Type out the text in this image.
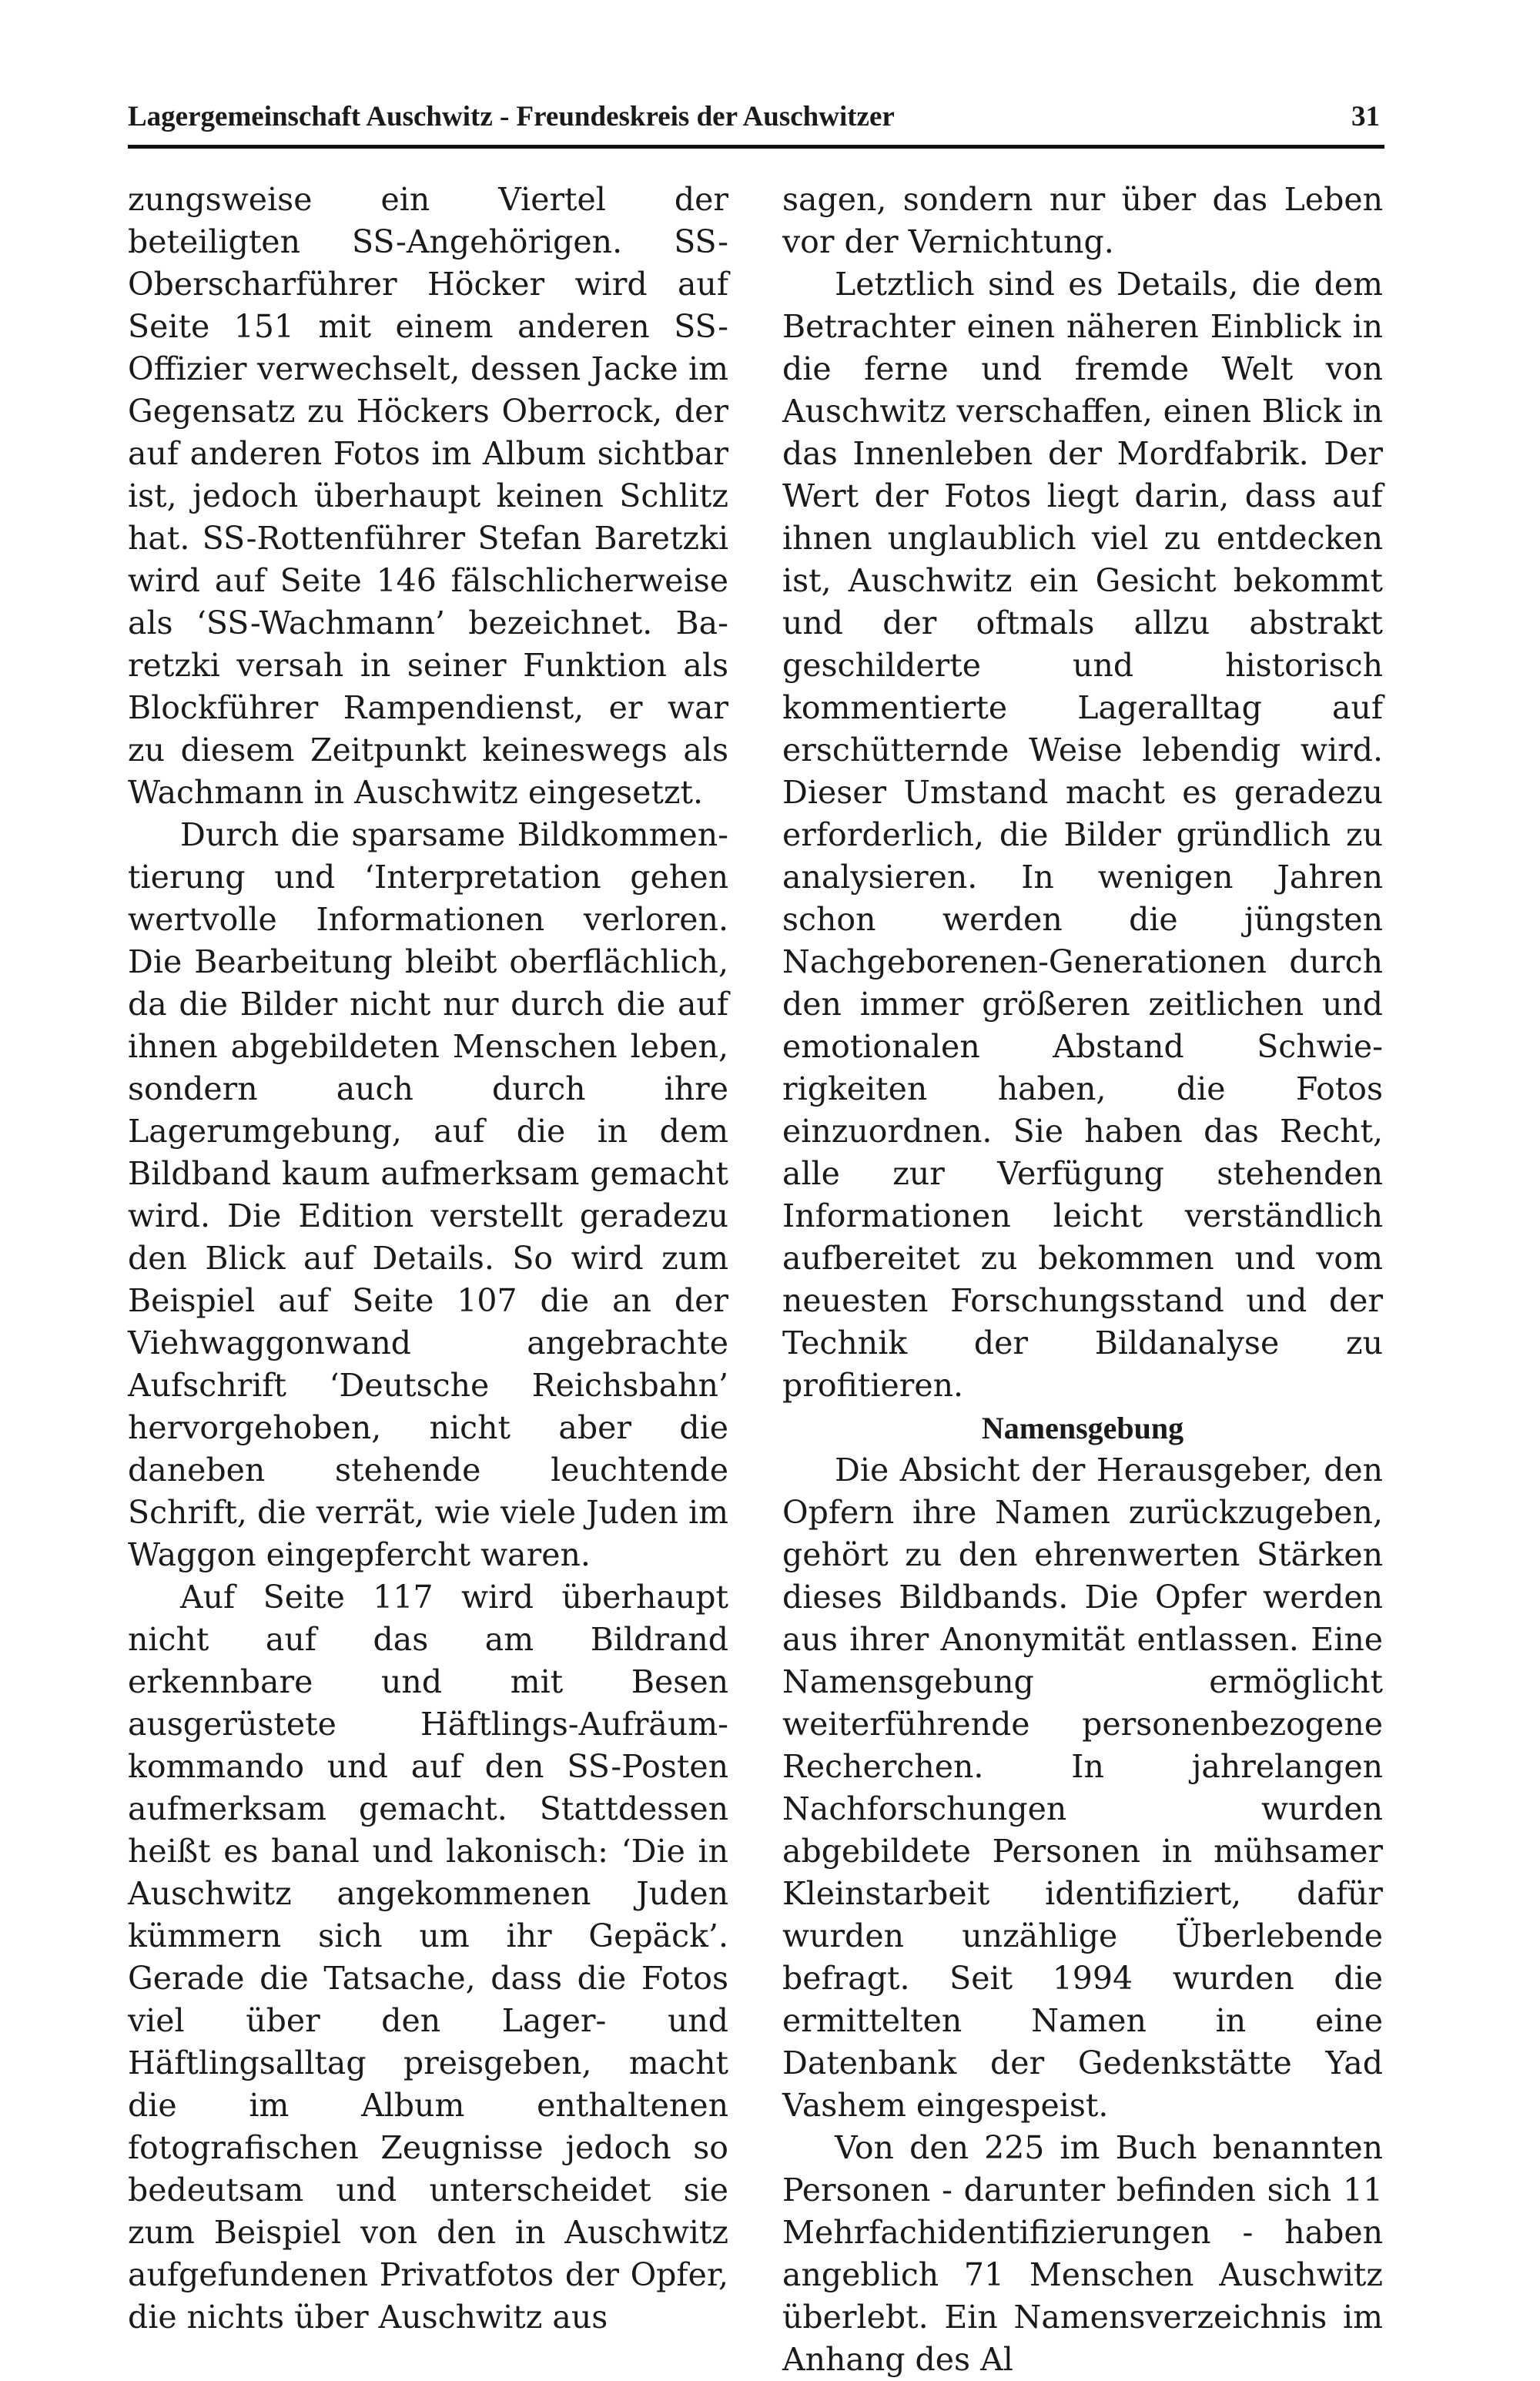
Lagergemeinschaft Auschwitz - Freundeskreis der Auschwitzer	31

zungsweise ein Viertel der beteiligten SS-Angehörigen. SS-Oberscharführer Höcker wird auf Seite 151 mit einem anderen SS-Offizier verwechselt, dessen Jacke im Gegensatz zu Höckers Oberrock, der auf anderen Fotos im Album sichtbar ist, jedoch überhaupt keinen Schlitz hat. SS-Rottenführer Stefan Baretzki wird auf Seite 146 fälschlicherweise als ‘SS-Wachmann’ bezeichnet. Baretzki versah in seiner Funktion als Blockführer Rampendienst, er war zu diesem Zeitpunkt keineswegs als Wachmann in Auschwitz eingesetzt.

Durch die sparsame Bildkommentierung und ‘Interpretation gehen wertvolle Informationen verloren. Die Bearbeitung bleibt oberflächlich, da die Bilder nicht nur durch die auf ihnen abgebildeten Menschen leben, sondern auch durch ihre Lagerumgebung, auf die in dem Bildband kaum aufmerksam gemacht wird. Die Edition verstellt geradezu den Blick auf Details. So wird zum Beispiel auf Seite 107 die an der Viehwaggonwand angebrachte Aufschrift ‘Deutsche Reichsbahn’ hervorgehoben, nicht aber die daneben stehende leuchtende Schrift, die verrät, wie viele Juden im Waggon eingepfercht waren.

Auf Seite 117 wird überhaupt nicht auf das am Bildrand erkennbare und mit Besen ausgerüstete Häftlings-Aufräumkommando und auf den SS-Posten aufmerksam gemacht. Stattdessen heißt es banal und lakonisch: ‘Die in Auschwitz angekommenen Juden kümmern sich um ihr Gepäck’. Gerade die Tatsache, dass die Fotos viel über den Lager- und Häftlingsalltag preisgeben, macht die im Album enthaltenen fotografischen Zeugnisse jedoch so bedeutsam und unterscheidet sie zum Beispiel von den in Auschwitz aufgefundenen Privatfotos der Opfer, die nichts über Auschwitz aus

sagen, sondern nur über das Leben vor der Vernichtung.

Letztlich sind es Details, die dem Betrachter einen näheren Einblick in die ferne und fremde Welt von Auschwitz verschaffen, einen Blick in das Innenleben der Mordfabrik. Der Wert der Fotos liegt darin, dass auf ihnen unglaublich viel zu entdecken ist, Auschwitz ein Gesicht bekommt und der oftmals allzu abstrakt geschilderte und historisch kommentierte Lageralltag auf erschütternde Weise lebendig wird. Dieser Umstand macht es geradezu erforderlich, die Bilder gründlich zu analysieren. In wenigen Jahren schon werden die jüngsten Nachgeborenen-Generationen durch den immer größeren zeitlichen und emotionalen Abstand Schwierigkeiten haben, die Fotos einzuordnen. Sie haben das Recht, alle zur Verfügung stehenden Informationen leicht verständlich aufbereitet zu bekommen und vom neuesten Forschungsstand und der Technik der Bildanalyse zu profitieren.

Namensgebung

Die Absicht der Herausgeber, den Opfern ihre Namen zurückzugeben, gehört zu den ehrenwerten Stärken dieses Bildbands. Die Opfer werden aus ihrer Anonymität entlassen. Eine Namensgebung ermöglicht weiterführende personenbezogene Recherchen. In jahrelangen Nachforschungen wurden abgebildete Personen in mühsamer Kleinstarbeit identifiziert, dafür wurden unzählige Überlebende befragt. Seit 1994 wurden die ermittelten Namen in eine Datenbank der Gedenkstätte Yad Vashem eingespeist.

Von den 225 im Buch benannten Personen - darunter befinden sich 11 Mehrfachidentifizierungen - haben angeblich 71 Menschen Auschwitz überlebt. Ein Namensverzeichnis im Anhang des Al
